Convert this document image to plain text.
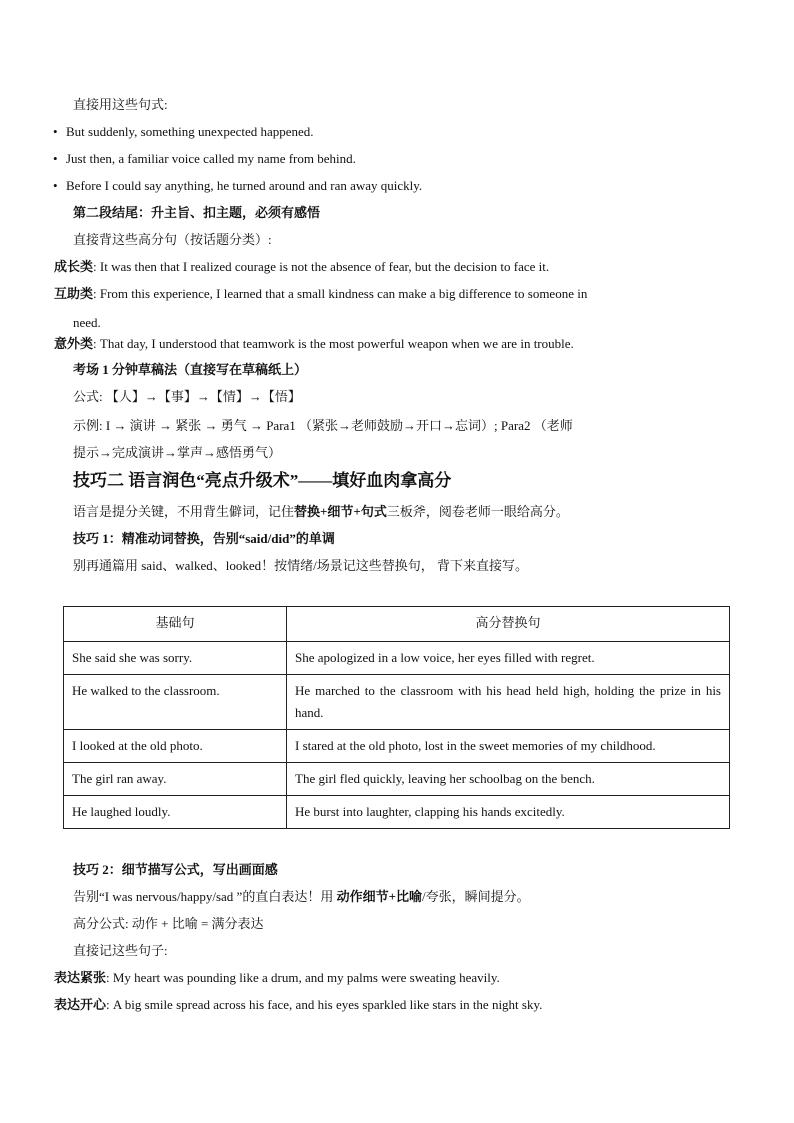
直接用这些句式:
• But suddenly, something unexpected happened.
• Just then, a familiar voice called my name from behind.
• Before I could say anything, he turned around and ran away quickly.
第二段结尾：升主旨、扣主题，必须有感悟
直接背这些高分句（按话题分类）:
成长类: It was then that I realized courage is not the absence of fear, but the decision to face it.
互助类: From this experience, I learned that a small kindness can make a big difference to someone in
need.
意外类: That day, I understood that teamwork is the most powerful weapon when we are in trouble.
考场 1 分钟草稿法（直接写在草稿纸上）
公式: 【人】→【事】→【情】→【悟】
示例: I → 演讲 → 紧张 → 勇气 → Para1 （紧张→老师鼓励→开口→忘词）; Para2 （老师
提示→完成演讲→掌声→感悟勇气）
技巧二 语言润色“亮点升级术”——填好血肉拿高分
语言是提分关键，不用背生僻词，记住替换+细节+句式三板斧，阅卷老师一眼给高分。
技巧 1：精准动词替换，告别“said/did”的单调
别再通篇用 said、walked、looked！按情绪/场景记这些替换句， 背下来直接写。
基础句	高分替换句
She said she was sorry.	She apologized in a low voice, her eyes filled with regret.
He walked to the classroom.	He marched to the classroom with his head held high, holding the prize in his hand.
I looked at the old photo.	I stared at the old photo, lost in the sweet memories of my childhood.
The girl ran away.	The girl fled quickly, leaving her schoolbag on the bench.
He laughed loudly.	He burst into laughter, clapping his hands excitedly.
技巧 2：细节描写公式，写出画面感
告别“I was nervous/happy/sad ”的直白表达！用 动作细节+比喻/夸张，瞬间提分。
高分公式: 动作 + 比喻 = 满分表达
直接记这些句子:
表达紧张: My heart was pounding like a drum, and my palms were sweating heavily.
表达开心: A big smile spread across his face, and his eyes sparkled like stars in the night sky.
